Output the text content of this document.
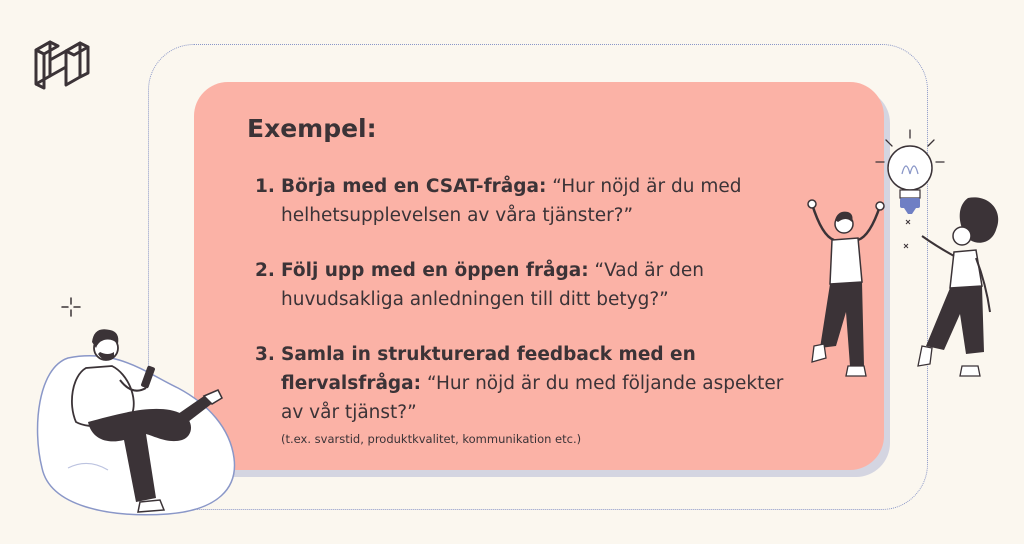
Exempel:
1. Börja med en CSAT-fråga: “Hur nöjd är du med
helhetsupplevelsen av våra tjänster?”
2. Följ upp med en öppen fråga: “Vad är den
huvudsakliga anledningen till ditt betyg?”
3. Samla in strukturerad feedback med en
flervalsfråga: “Hur nöjd är du med följande aspekter
av vår tjänst?”
(t.ex. svarstid, produktkvalitet, kommunikation etc.)
